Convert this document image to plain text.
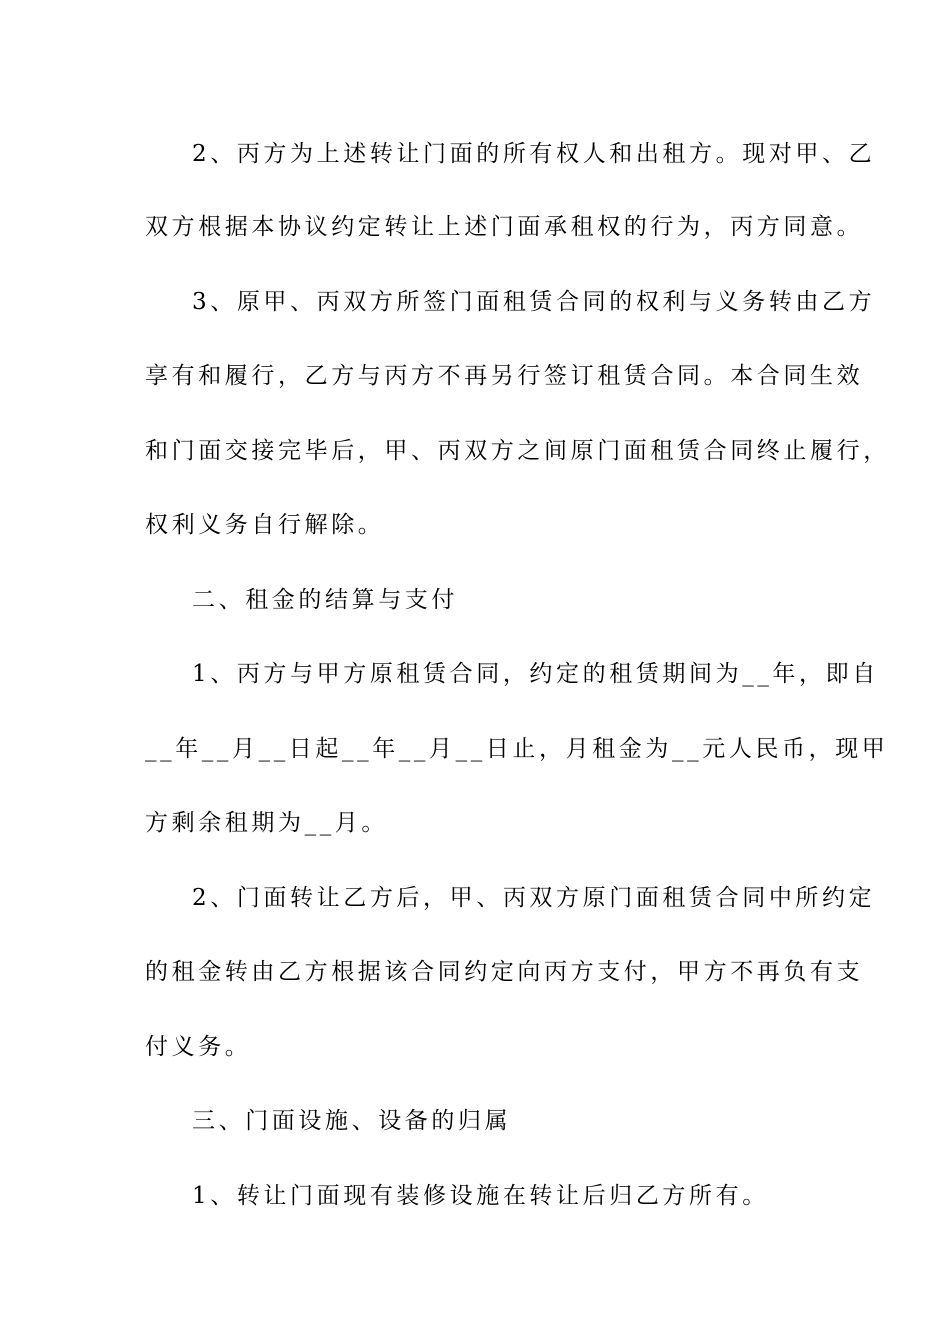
2、丙方为上述转让门面的所有权人和出租方。现对甲、乙
双方根据本协议约定转让上述门面承租权的行为，丙方同意。
3、原甲、丙双方所签门面租赁合同的权利与义务转由乙方
享有和履行，乙方与丙方不再另行签订租赁合同。本合同生效
和门面交接完毕后，甲、丙双方之间原门面租赁合同终止履行，
权利义务自行解除。
二、租金的结算与支付
1、丙方与甲方原租赁合同，约定的租赁期间为__年，即自
__年__月__日起__年__月__日止，月租金为__元人民币，现甲
方剩余租期为__月。
2、门面转让乙方后，甲、丙双方原门面租赁合同中所约定
的租金转由乙方根据该合同约定向丙方支付，甲方不再负有支
付义务。
三、门面设施、设备的归属
1、转让门面现有装修设施在转让后归乙方所有。
